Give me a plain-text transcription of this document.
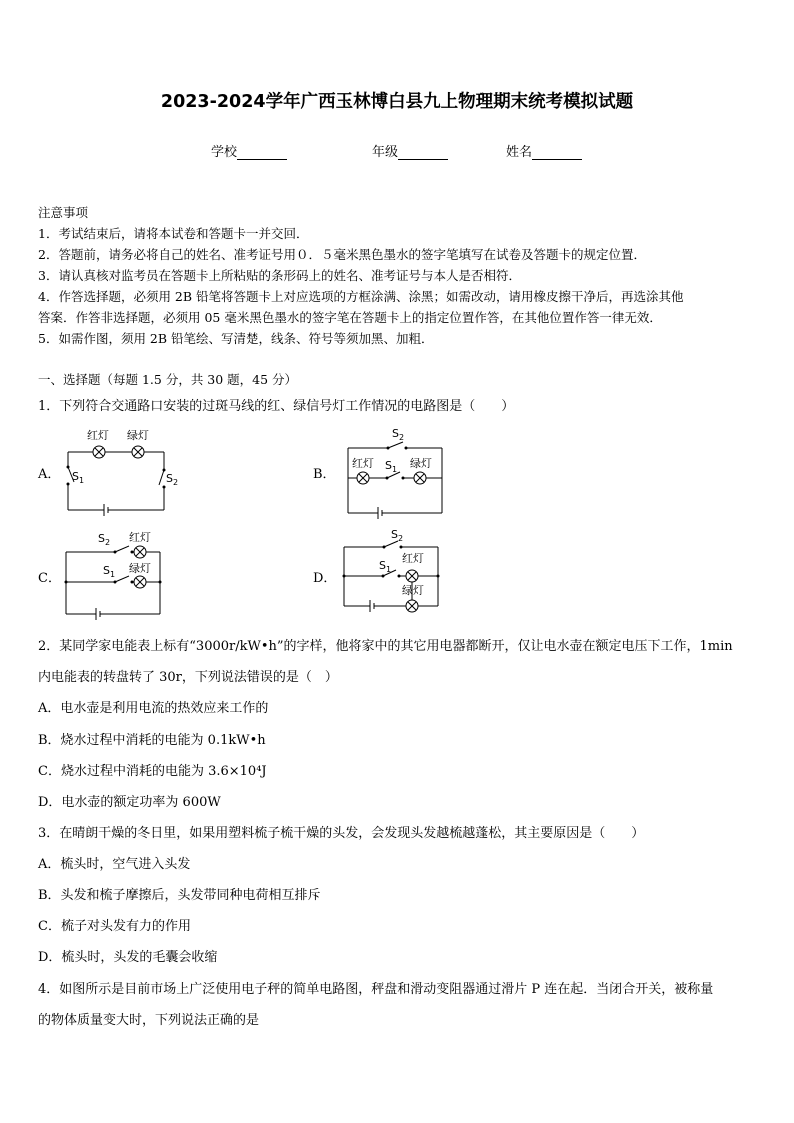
2023-2024学年广西玉林博白县九上物理期末统考模拟试题
学校	年级	姓名
注意事项
1．考试结束后，请将本试卷和答题卡一并交回．
2．答题前，请务必将自己的姓名、准考证号用０．５毫米黑色墨水的签字笔填写在试卷及答题卡的规定位置．
3．请认真核对监考员在答题卡上所粘贴的条形码上的姓名、准考证号与本人是否相符．
4．作答选择题，必须用 2B 铅笔将答题卡上对应选项的方框涂满、涂黑；如需改动，请用橡皮擦干净后，再选涂其他
答案．作答非选择题，必须用 05 毫米黑色墨水的签字笔在答题卡上的指定位置作答，在其他位置作答一律无效．
5．如需作图，须用 2B 铅笔绘、写清楚，线条、符号等须加黑、加粗．
一、选择题（每题 1.5 分，共 30 题，45 分）
1．下列符合交通路口安装的过斑马线的红、绿信号灯工作情况的电路图是（　　）
A．	B．
C．	D．
红灯 绿灯
$S_1$	$S_2$
$S_2$
红灯 $S_1$ 绿灯
$S_2$ 红灯
$S_1$ 绿灯
$S_2$
$S_1$
红灯
绿灯
2．某同学家电能表上标有“3000r/kW•h”的字样，他将家中的其它用电器都断开，仅让电水壶在额定电压下工作，1min
内电能表的转盘转了 30r，下列说法错误的是（　）
A．电水壶是利用电流的热效应来工作的
B．烧水过程中消耗的电能为 0.1kW•h
C．烧水过程中消耗的电能为 3.6×10⁴J
D．电水壶的额定功率为 600W
3．在晴朗干燥的冬日里，如果用塑料梳子梳干燥的头发，会发现头发越梳越蓬松，其主要原因是（　　）
A．梳头时，空气进入头发
B．头发和梳子摩擦后，头发带同种电荷相互排斥
C．梳子对头发有力的作用
D．梳头时，头发的毛囊会收缩
4．如图所示是目前市场上广泛使用电子秤的简单电路图，秤盘和滑动变阻器通过滑片 P 连在起．当闭合开关，被称量
的物体质量变大时，下列说法正确的是
